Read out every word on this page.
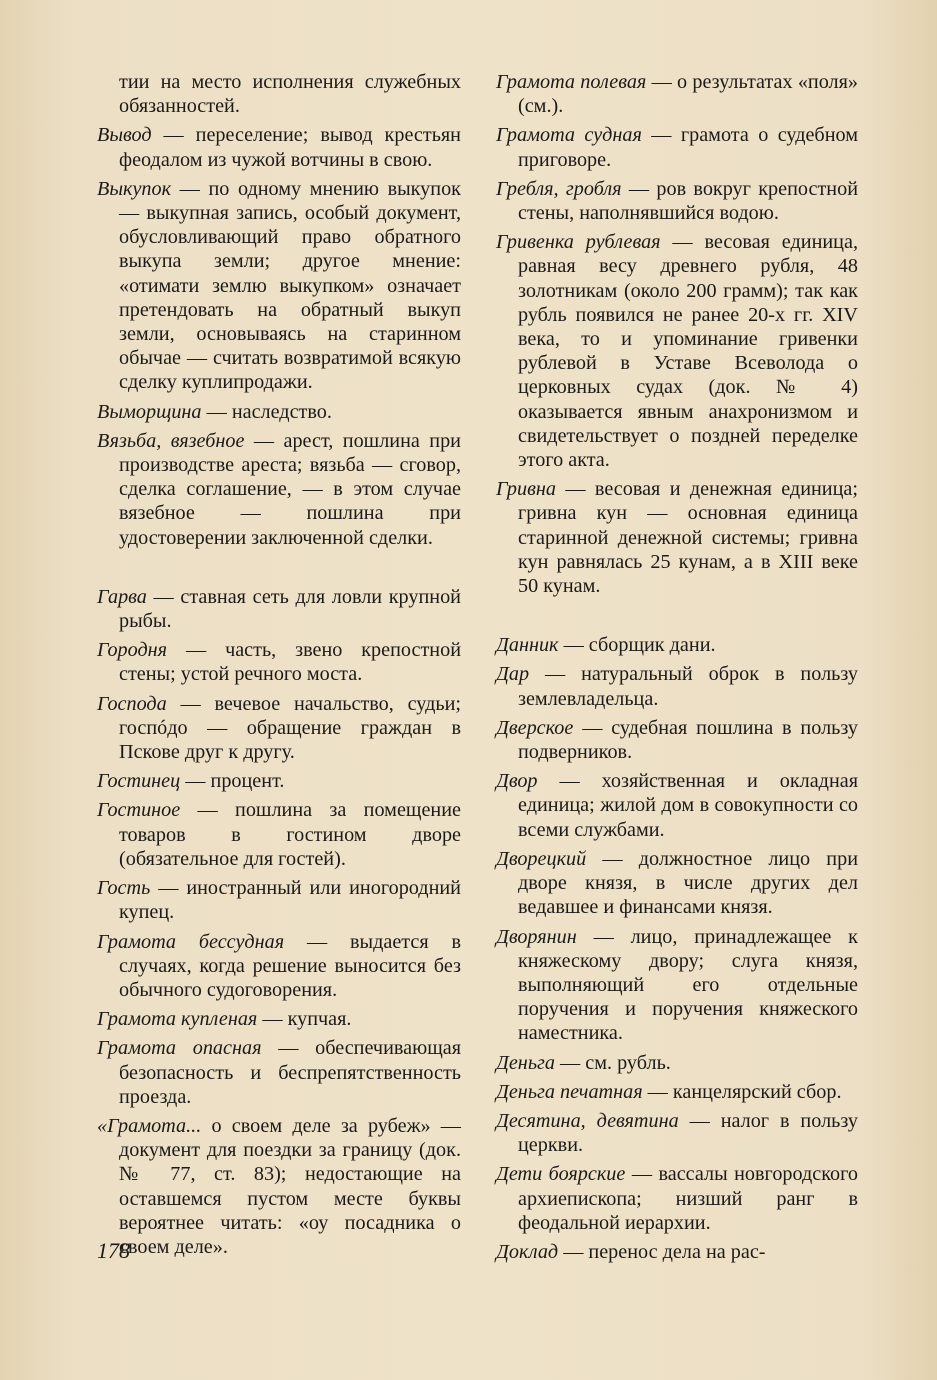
тии на место исполнения служебных обязанностей.

Вывод — переселение; вывод крестьян феодалом из чужой вотчины в свою.

Выкупок — по одному мнению выкупок — выкупная запись, особый документ, обусловливающий право обратного выкупа земли; другое мнение: «отимати землю выкупком» означает претендовать на обратный выкуп земли, основываясь на старинном обычае — считать возвратимой всякую сделку куплипродажи.

Выморщина — наследство.

Вязьба, вязебное — арест, пошлина при производстве ареста; вязьба — сговор, сделка соглашение, — в этом случае вязебное — пошлина при удостоверении заключенной сделки.

Гарва — ставная сеть для ловли крупной рыбы.

Городня — часть, звено крепостной стены; устой речного моста.

Господа — вечевое начальство, судьи; госпóдо — обращение граждан в Пскове друг к другу.

Гостинец — процент.

Гостиное — пошлина за помещение товаров в гостином дворе (обязательное для гостей).

Гость — иностранный или иногородний купец.

Грамота бессудная — выдается в случаях, когда решение выносится без обычного судоговорения.

Грамота купленая — купчая.

Грамота опасная — обеспечивающая безопасность и беспрепятственность проезда.

«Грамота... о своем деле за рубеж» — документ для поездки за границу (док. № 77, ст. 83); недостающие на оставшемся пустом месте буквы вероятнее читать: «оу посадника о своем деле».

Грамота полевая — о результатах «поля» (см.).

Грамота судная — грамота о судебном приговоре.

Гребля, гробля — ров вокруг крепостной стены, наполнявшийся водою.

Гривенка рублевая — весовая единица, равная весу древнего рубля, 48 золотникам (около 200 грамм); так как рубль появился не ранее 20-х гг. XIV века, то и упоминание гривенки рублевой в Уставе Всеволода о церковных судах (док. № 4) оказывается явным анахронизмом и свидетельствует о поздней переделке этого акта.

Гривна — весовая и денежная единица; гривна кун — основная единица старинной денежной системы; гривна кун равнялась 25 кунам, а в XIII веке 50 кунам.

Данник — сборщик дани.

Дар — натуральный оброк в пользу землевладельца.

Дверское — судебная пошлина в пользу подверников.

Двор — хозяйственная и окладная единица; жилой дом в совокупности со всеми службами.

Дворецкий — должностное лицо при дворе князя, в числе других дел ведавшее и финансами князя.

Дворянин — лицо, принадлежащее к княжескому двору; слуга князя, выполняющий его отдельные поручения и поручения княжеского наместника.

Деньга — см. рубль.

Деньга печатная — канцелярский сбор.

Десятина, девятина — налог в пользу церкви.

Дети боярские — вассалы новгородского архиепископа; низший ранг в феодальной иерархии.

Доклад — перенос дела на рас-

178
